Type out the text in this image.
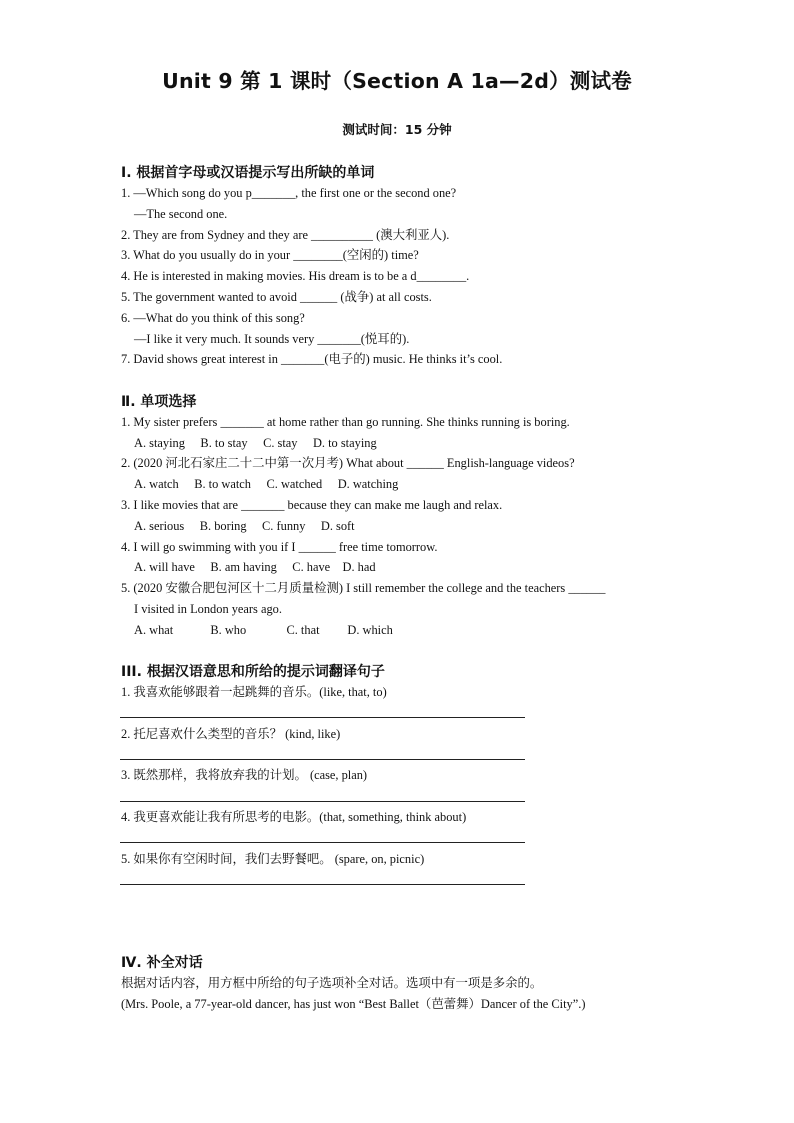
Unit 9 第 1 课时（Section A 1a—2d）测试卷
测试时间：15 分钟
Ⅰ. 根据首字母或汉语提示写出所缺的单词
1. —Which song do you p_______, the first one or the second one?
—The second one.
2. They are from Sydney and they are __________ (澳大利亚人).
3. What do you usually do in your ________(空闲的) time?
4. He is interested in making movies. His dream is to be a d________.
5. The government wanted to avoid ______ (战争) at all costs.
6. —What do you think of this song?
—I like it very much. It sounds very _______(悦耳的).
7. David shows great interest in _______(电子的) music. He thinks it’s cool.
Ⅱ. 单项选择
1. My sister prefers _______ at home rather than go running. She thinks running is boring.
A. staying     B. to stay     C. stay     D. to staying
2. (2020 河北石家庄二十二中第一次月考) What about ______ English-language videos?
A. watch     B. to watch     C. watched     D. watching
3. I like movies that are _______ because they can make me laugh and relax.
A. serious     B. boring     C. funny     D. soft
4. I will go swimming with you if I ______ free time tomorrow.
A. will have     B. am having     C. have    D. had
5. (2020 安徽合肥包河区十二月质量检测) I still remember the college and the teachers ______
I visited in London years ago.
A. what            B. who             C. that         D. which
III. 根据汉语意思和所给的提示词翻译句子
1. 我喜欢能够跟着一起跳舞的音乐。(like, that, to)
2. 托尼喜欢什么类型的音乐？ (kind, like)
3. 既然那样，我将放弃我的计划。 (case, plan)
4. 我更喜欢能让我有所思考的电影。(that, something, think about)
5. 如果你有空闲时间，我们去野餐吧。 (spare, on, picnic)
Ⅳ. 补全对话
根据对话内容，用方框中所给的句子选项补全对话。选项中有一项是多余的。
(Mrs. Poole, a 77-year-old dancer, has just won “Best Ballet（芭蕾舞）Dancer of the City”.)
